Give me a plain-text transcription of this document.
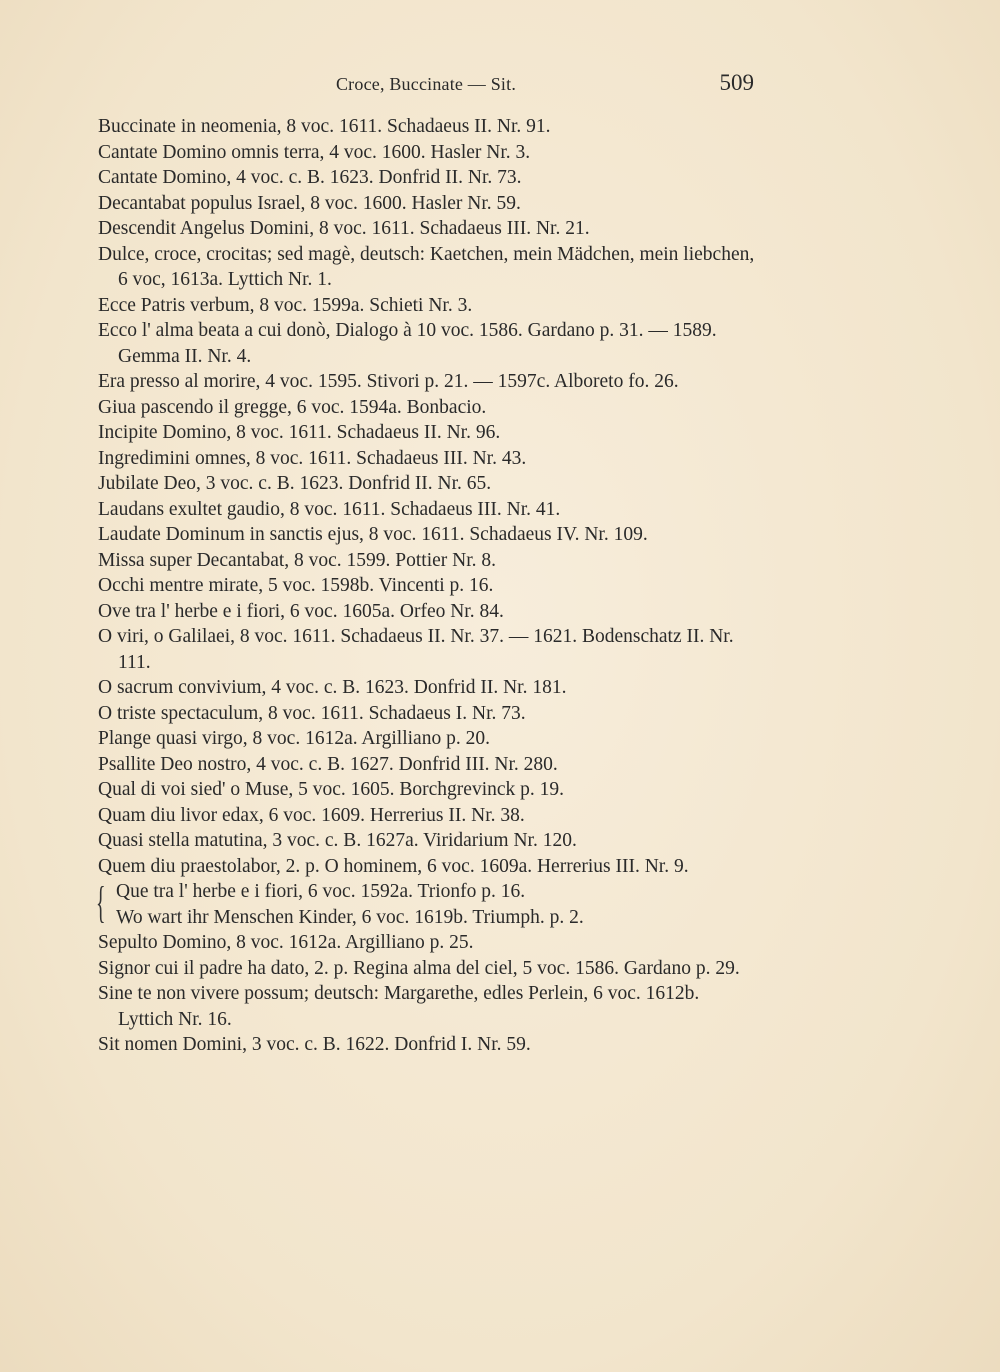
Croce, Buccinate — Sit.	509

Buccinate in neomenia, 8 voc. 1611. Schadaeus II. Nr. 91.

Cantate Domino omnis terra, 4 voc. 1600. Hasler Nr. 3.

Cantate Domino, 4 voc. c. B. 1623. Donfrid II. Nr. 73.

Decantabat populus Israel, 8 voc. 1600. Hasler Nr. 59.

Descendit Angelus Domini, 8 voc. 1611. Schadaeus III. Nr. 21.

Dulce, croce, crocitas; sed magè, deutsch: Kaetchen, mein Mädchen, mein liebchen, 6 voc, 1613a. Lyttich Nr. 1.

Ecce Patris verbum, 8 voc. 1599a. Schieti Nr. 3.

Ecco l' alma beata a cui donò, Dialogo à 10 voc. 1586. Gardano p. 31. — 1589. Gemma II. Nr. 4.

Era presso al morire, 4 voc. 1595. Stivori p. 21. — 1597c. Alboreto fo. 26.

Giua pascendo il gregge, 6 voc. 1594a. Bonbacio.

Incipite Domino, 8 voc. 1611. Schadaeus II. Nr. 96.

Ingredimini omnes, 8 voc. 1611. Schadaeus III. Nr. 43.

Jubilate Deo, 3 voc. c. B. 1623. Donfrid II. Nr. 65.

Laudans exultet gaudio, 8 voc. 1611. Schadaeus III. Nr. 41.

Laudate Dominum in sanctis ejus, 8 voc. 1611. Schadaeus IV. Nr. 109.

Missa super Decantabat, 8 voc. 1599. Pottier Nr. 8.

Occhi mentre mirate, 5 voc. 1598b. Vincenti p. 16.

Ove tra l' herbe e i fiori, 6 voc. 1605a. Orfeo Nr. 84.

O viri, o Galilaei, 8 voc. 1611. Schadaeus II. Nr. 37. — 1621. Bodenschatz II. Nr. 111.

O sacrum convivium, 4 voc. c. B. 1623. Donfrid II. Nr. 181.

O triste spectaculum, 8 voc. 1611. Schadaeus I. Nr. 73.

Plange quasi virgo, 8 voc. 1612a. Argilliano p. 20.

Psallite Deo nostro, 4 voc. c. B. 1627. Donfrid III. Nr. 280.

Qual di voi sied' o Muse, 5 voc. 1605. Borchgrevinck p. 19.

Quam diu livor edax, 6 voc. 1609. Herrerius II. Nr. 38.

Quasi stella matutina, 3 voc. c. B. 1627a. Viridarium Nr. 120.

Quem diu praestolabor, 2. p. O hominem, 6 voc. 1609a. Herrerius III. Nr. 9.

{ Que tra l' herbe e i fiori, 6 voc. 1592a. Trionfo p. 16.

Wo wart ihr Menschen Kinder, 6 voc. 1619b. Triumph. p. 2.

Sepulto Domino, 8 voc. 1612a. Argilliano p. 25.

Signor cui il padre ha dato, 2. p. Regina alma del ciel, 5 voc. 1586. Gardano p. 29.

Sine te non vivere possum; deutsch: Margarethe, edles Perlein, 6 voc. 1612b. Lyttich Nr. 16.

Sit nomen Domini, 3 voc. c. B. 1622. Donfrid I. Nr. 59.
